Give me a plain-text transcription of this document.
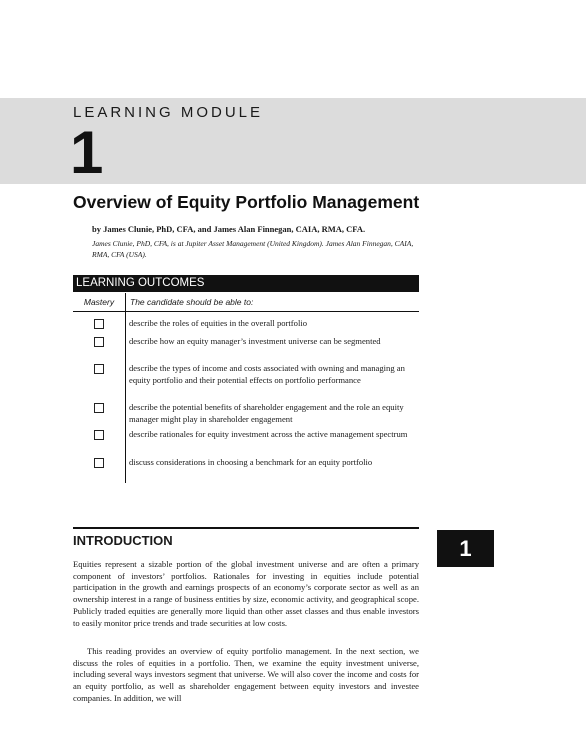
LEARNING MODULE
1
Overview of Equity Portfolio Management
by James Clunie, PhD, CFA, and James Alan Finnegan, CAIA, RMA, CFA.
James Clunie, PhD, CFA, is at Jupiter Asset Management (United Kingdom). James Alan Finnegan, CAIA, RMA, CFA (USA).
LEARNING OUTCOMES
Mastery	The candidate should be able to:
describe the roles of equities in the overall portfolio
describe how an equity manager’s investment universe can be segmented
describe the types of income and costs associated with owning and managing an equity portfolio and their potential effects on portfolio performance
describe the potential benefits of shareholder engagement and the role an equity manager might play in shareholder engagement
describe rationales for equity investment across the active management spectrum
discuss considerations in choosing a benchmark for an equity portfolio
INTRODUCTION	1

Equities represent a sizable portion of the global investment universe and are often a primary component of investors’ portfolios. Rationales for investing in equities include potential participation in the growth and earnings prospects of an economy’s corporate sector as well as an ownership interest in a range of business entities by size, economic activity, and geographical scope. Publicly traded equities are generally more liquid than other asset classes and thus enable investors to easily monitor price trends and trade securities at low costs.

This reading provides an overview of equity portfolio management. In the next section, we discuss the roles of equities in a portfolio. Then, we examine the equity investment universe, including several ways investors segment that universe. We will also cover the income and costs for an equity portfolio, as well as shareholder engagement between equity investors and investee companies. In addition, we will
